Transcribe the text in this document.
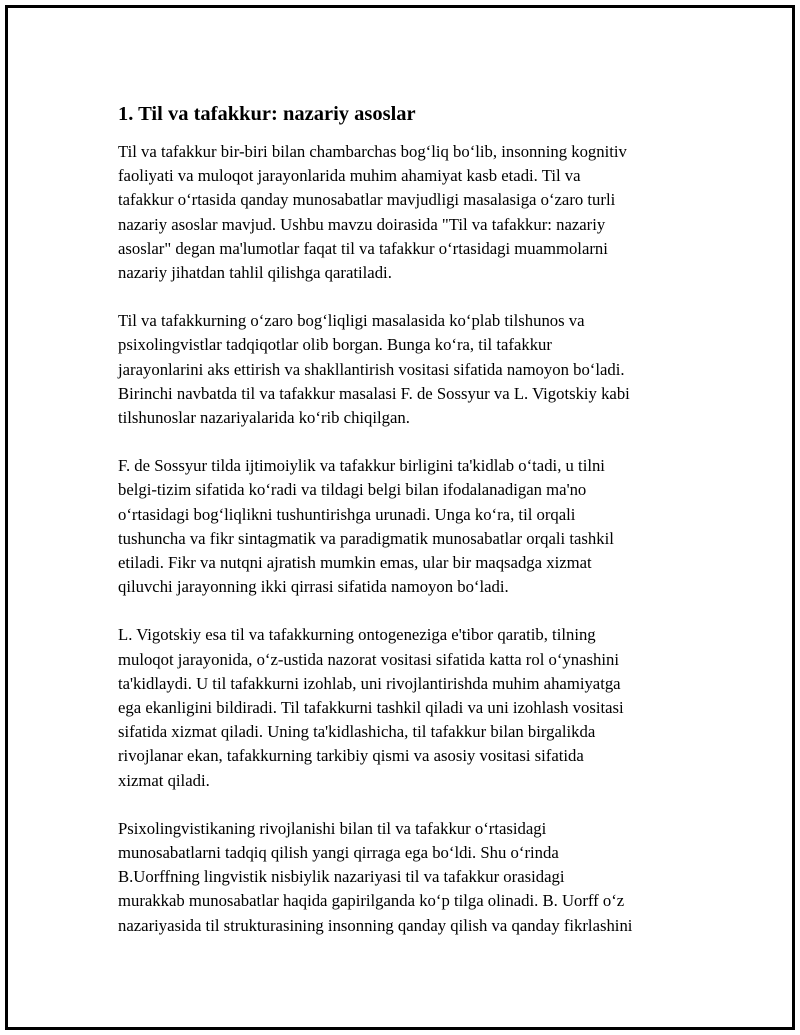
1. Til va tafakkur: nazariy asoslar

Til va tafakkur bir-biri bilan chambarchas bog‘liq bo‘lib, insonning kognitiv
faoliyati va muloqot jarayonlarida muhim ahamiyat kasb etadi. Til va
tafakkur o‘rtasida qanday munosabatlar mavjudligi masalasiga o‘zaro turli
nazariy asoslar mavjud. Ushbu mavzu doirasida "Til va tafakkur: nazariy
asoslar" degan ma'lumotlar faqat til va tafakkur o‘rtasidagi muammolarni
nazariy jihatdan tahlil qilishga qaratiladi.

Til va tafakkurning o‘zaro bog‘liqligi masalasida ko‘plab tilshunos va
psixolingvistlar tadqiqotlar olib borgan. Bunga ko‘ra, til tafakkur
jarayonlarini aks ettirish va shakllantirish vositasi sifatida namoyon bo‘ladi.
Birinchi navbatda til va tafakkur masalasi F. de Sossyur va L. Vigotskiy kabi
tilshunoslar nazariyalarida ko‘rib chiqilgan.

F. de Sossyur tilda ijtimoiylik va tafakkur birligini ta'kidlab o‘tadi, u tilni
belgi-tizim sifatida ko‘radi va tildagi belgi bilan ifodalanadigan ma'no
o‘rtasidagi bog‘liqlikni tushuntirishga urunadi. Unga ko‘ra, til orqali
tushuncha va fikr sintagmatik va paradigmatik munosabatlar orqali tashkil
etiladi. Fikr va nutqni ajratish mumkin emas, ular bir maqsadga xizmat
qiluvchi jarayonning ikki qirrasi sifatida namoyon bo‘ladi.

L. Vigotskiy esa til va tafakkurning ontogeneziga e'tibor qaratib, tilning
muloqot jarayonida, o‘z-ustida nazorat vositasi sifatida katta rol o‘ynashini
ta'kidlaydi. U til tafakkurni izohlab, uni rivojlantirishda muhim ahamiyatga
ega ekanligini bildiradi. Til tafakkurni tashkil qiladi va uni izohlash vositasi
sifatida xizmat qiladi. Uning ta'kidlashicha, til tafakkur bilan birgalikda
rivojlanar ekan, tafakkurning tarkibiy qismi va asosiy vositasi sifatida
xizmat qiladi.

Psixolingvistikaning rivojlanishi bilan til va tafakkur o‘rtasidagi
munosabatlarni tadqiq qilish yangi qirraga ega bo‘ldi. Shu o‘rinda
B.Uorffning lingvistik nisbiylik nazariyasi til va tafakkur orasidagi
murakkab munosabatlar haqida gapirilganda ko‘p tilga olinadi. B. Uorff o‘z
nazariyasida til strukturasining insonning qanday qilish va qanday fikrlashini
